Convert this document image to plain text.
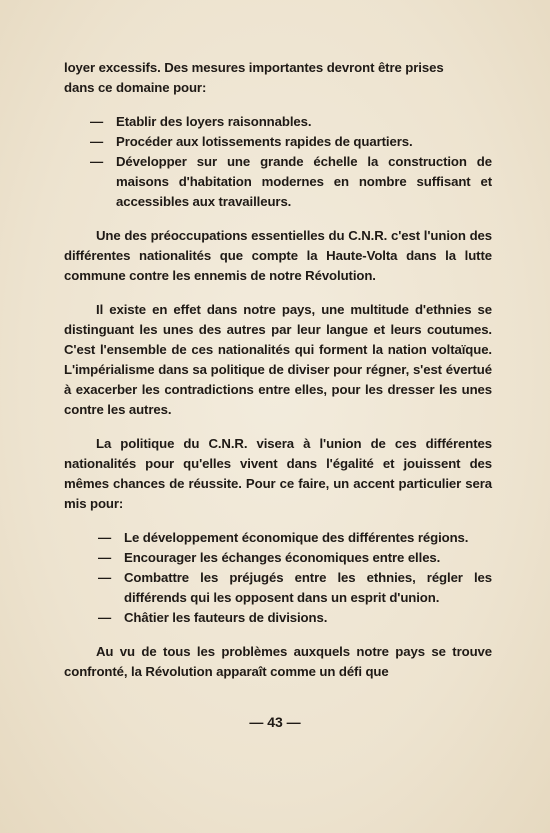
loyer excessifs. Des mesures importantes devront être prises
dans ce domaine pour:

— Etablir des loyers raisonnables.
— Procéder aux lotissements rapides de quartiers.
— Développer sur une grande échelle la construction de maisons d'habitation modernes en nombre suffisant et accessibles aux travailleurs.

Une des préoccupations essentielles du C.N.R. c'est l'union des différentes nationalités que compte la Haute-Volta dans la lutte commune contre les ennemis de notre Révolution.

Il existe en effet dans notre pays, une multitude d'ethnies se distinguant les unes des autres par leur langue et leurs coutumes. C'est l'ensemble de ces nationalités qui forment la nation voltaïque. L'impérialisme dans sa politique de diviser pour régner, s'est évertué à exacerber les contradictions entre elles, pour les dresser les unes contre les autres.

La politique du C.N.R. visera à l'union de ces différentes nationalités pour qu'elles vivent dans l'égalité et jouissent des mêmes chances de réussite. Pour ce faire, un accent particulier sera mis pour:

— Le développement économique des différentes régions.
— Encourager les échanges économiques entre elles.
— Combattre les préjugés entre les ethnies, régler les différends qui les opposent dans un esprit d'union.
— Châtier les fauteurs de divisions.

Au vu de tous les problèmes auxquels notre pays se trouve confronté, la Révolution apparaît comme un défi que

— 43 —
